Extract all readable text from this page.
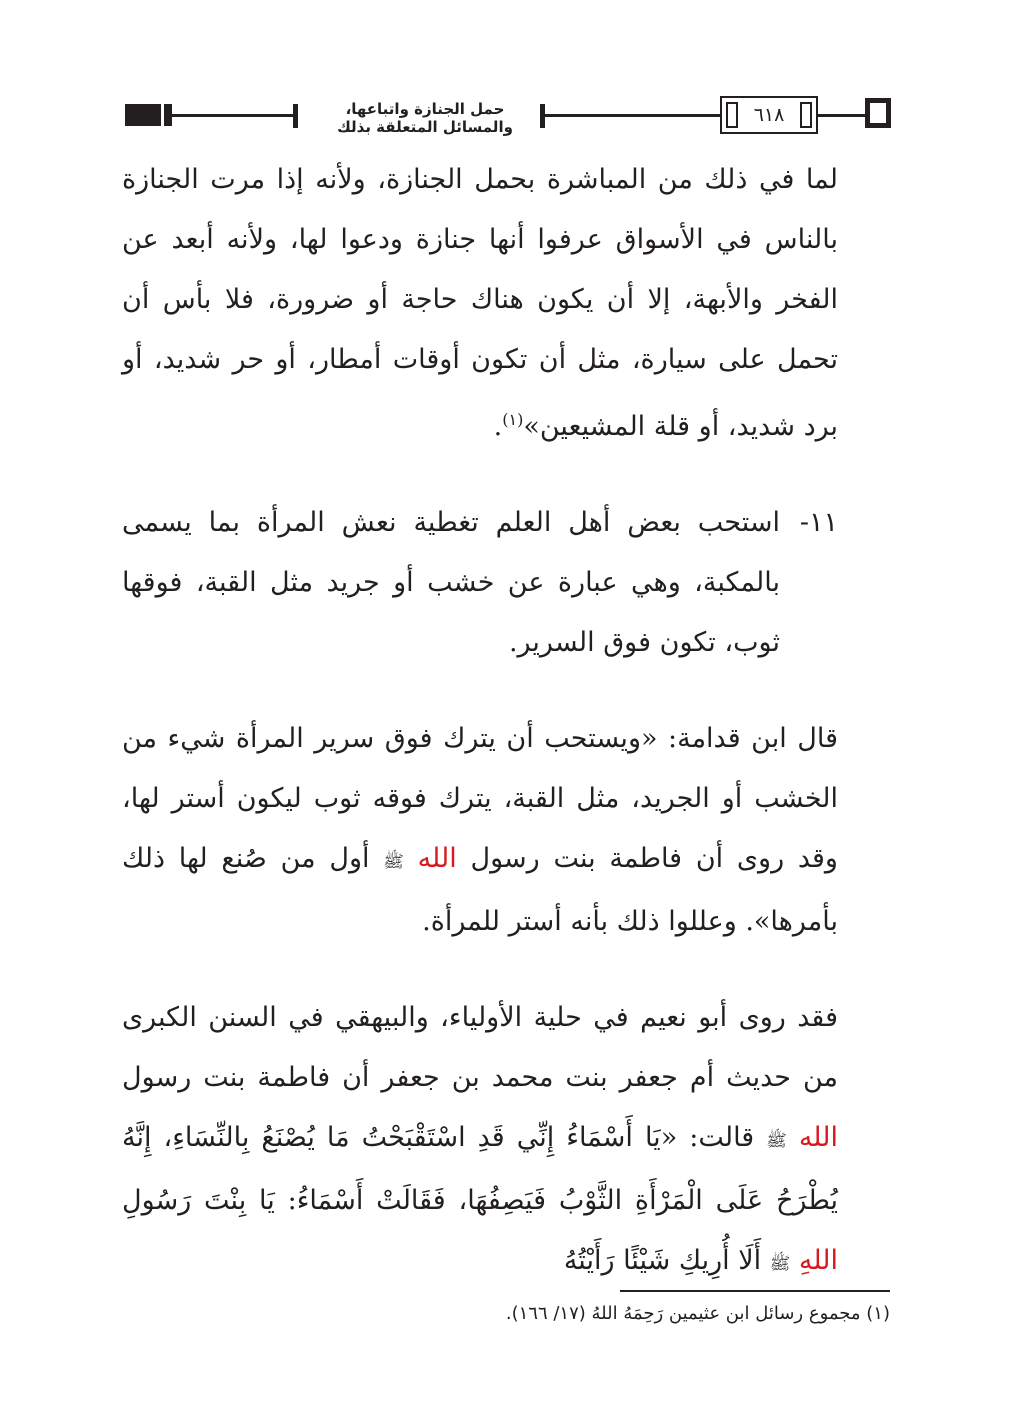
حمل الجنازة واتباعها، والمسائل المتعلقة بذلك
٦١٨

لما في ذلك من المباشرة بحمل الجنازة، ولأنه إذا مرت الجنازة بالناس في الأسواق عرفوا أنها جنازة ودعوا لها، ولأنه أبعد عن الفخر والأبهة، إلا أن يكون هناك حاجة أو ضرورة، فلا بأس أن تحمل على سيارة، مثل أن تكون أوقات أمطار، أو حر شديد، أو برد شديد، أو قلة المشيعين»$^{(١)}$.

١١-
استحب بعض أهل العلم تغطية نعش المرأة بما يسمى بالمكبة، وهي عبارة عن خشب أو جريد مثل القبة، فوقها ثوب، تكون فوق السرير.

قال ابن قدامة: «ويستحب أن يترك فوق سرير المرأة شيء من الخشب أو الجريد، مثل القبة، يترك فوقه ثوب ليكون أستر لها، وقد روى أن فاطمة بنت رسول الله ﷺ أول من صُنع لها ذلك بأمرها». وعللوا ذلك بأنه أستر للمرأة.

فقد روى أبو نعيم في حلية الأولياء، والبيهقي في السنن الكبرى من حديث أم جعفر بنت محمد بن جعفر أن فاطمة بنت رسول الله ﷺ قالت: «يَا أَسْمَاءُ إِنِّي قَدِ اسْتَقْبَحْتُ مَا يُصْنَعُ بِالنِّسَاءِ، إِنَّهُ يُطْرَحُ عَلَى الْمَرْأَةِ الثَّوْبُ فَيَصِفُهَا، فَقَالَتْ أَسْمَاءُ: يَا بِنْتَ رَسُولِ اللهِ ﷺ أَلَا أُرِيكِ شَيْئًا رَأَيْتُهُ

(١) مجموع رسائل ابن عثيمين رَحِمَهُ اللهُ (١٧/ ١٦٦).
